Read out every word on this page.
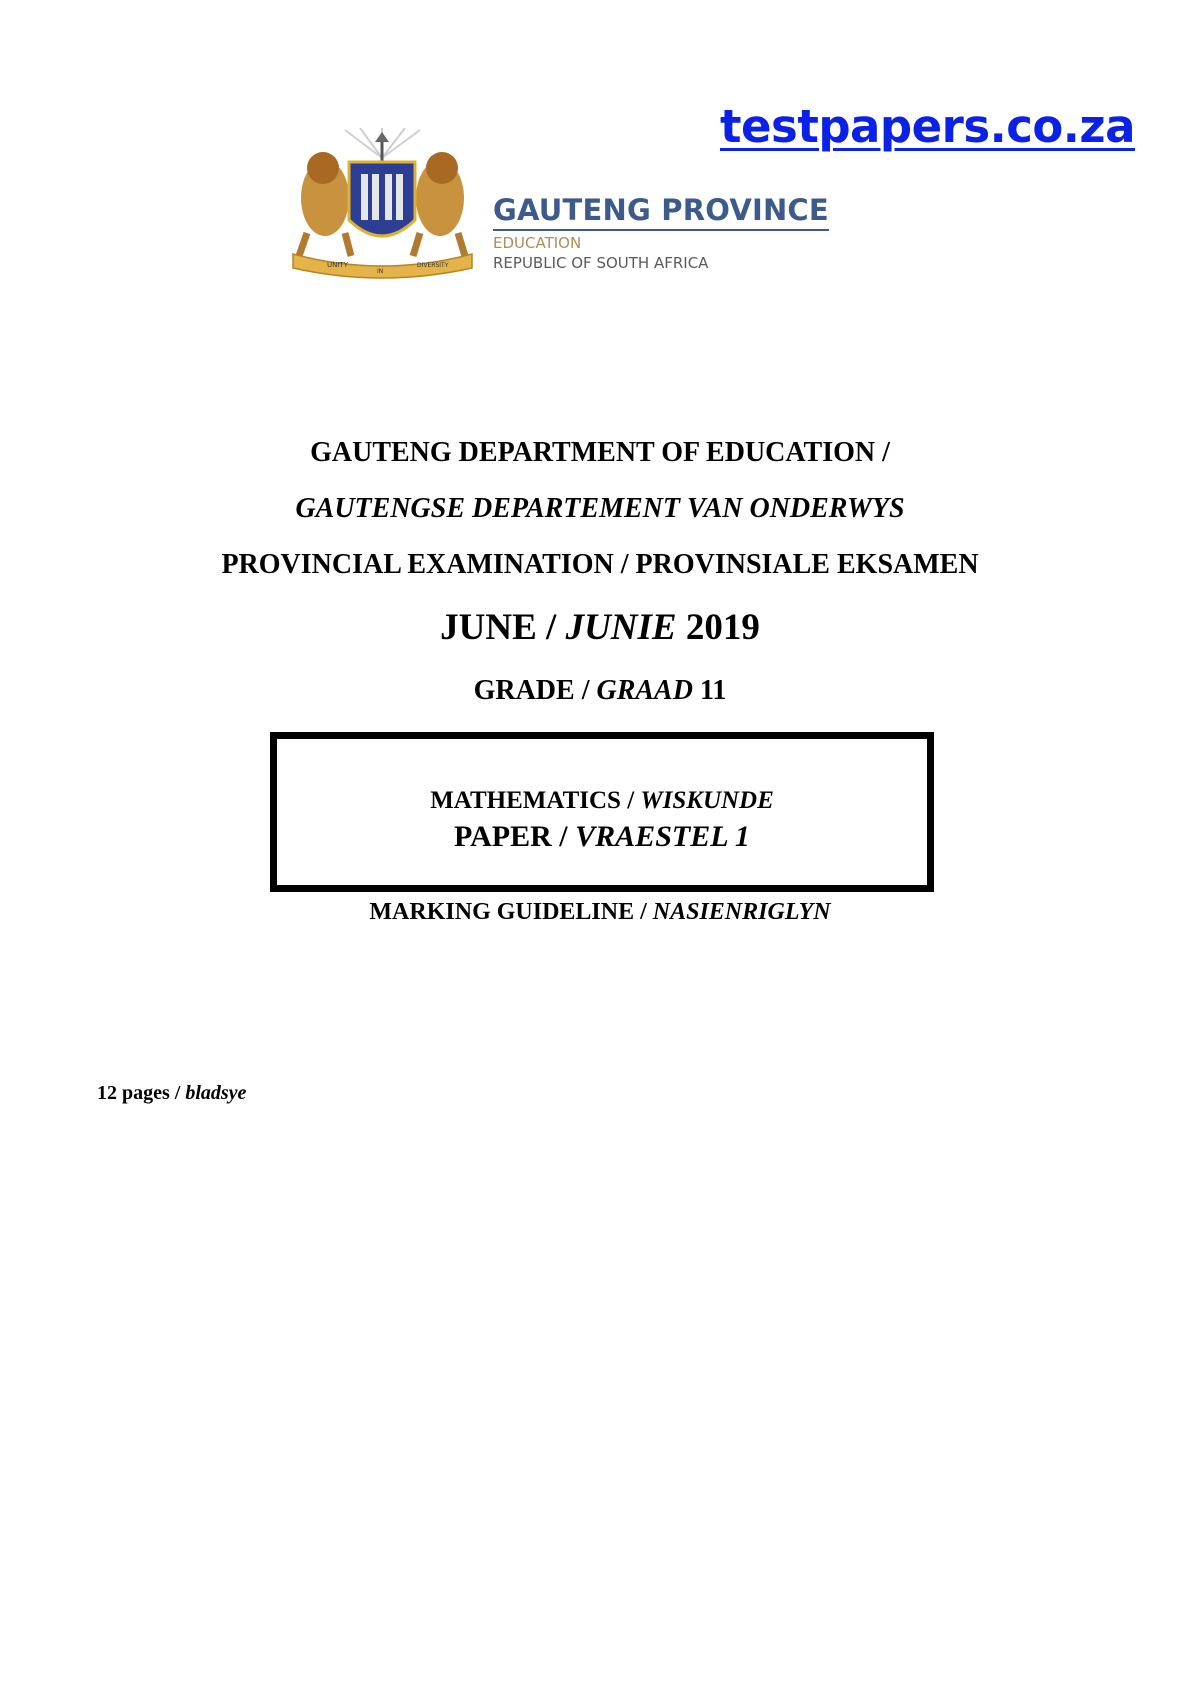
testpapers.co.za
UNITY
IN
DIVERSITY
GAUTENG PROVINCE
EDUCATION
REPUBLIC OF SOUTH AFRICA
GAUTENG DEPARTMENT OF EDUCATION /
GAUTENGSE DEPARTEMENT VAN ONDERWYS
PROVINCIAL EXAMINATION / PROVINSIALE EKSAMEN
JUNE / JUNIE 2019
GRADE / GRAAD 11
MATHEMATICS / WISKUNDE
PAPER / VRAESTEL 1
MARKING GUIDELINE / NASIENRIGLYN
12 pages / bladsye
